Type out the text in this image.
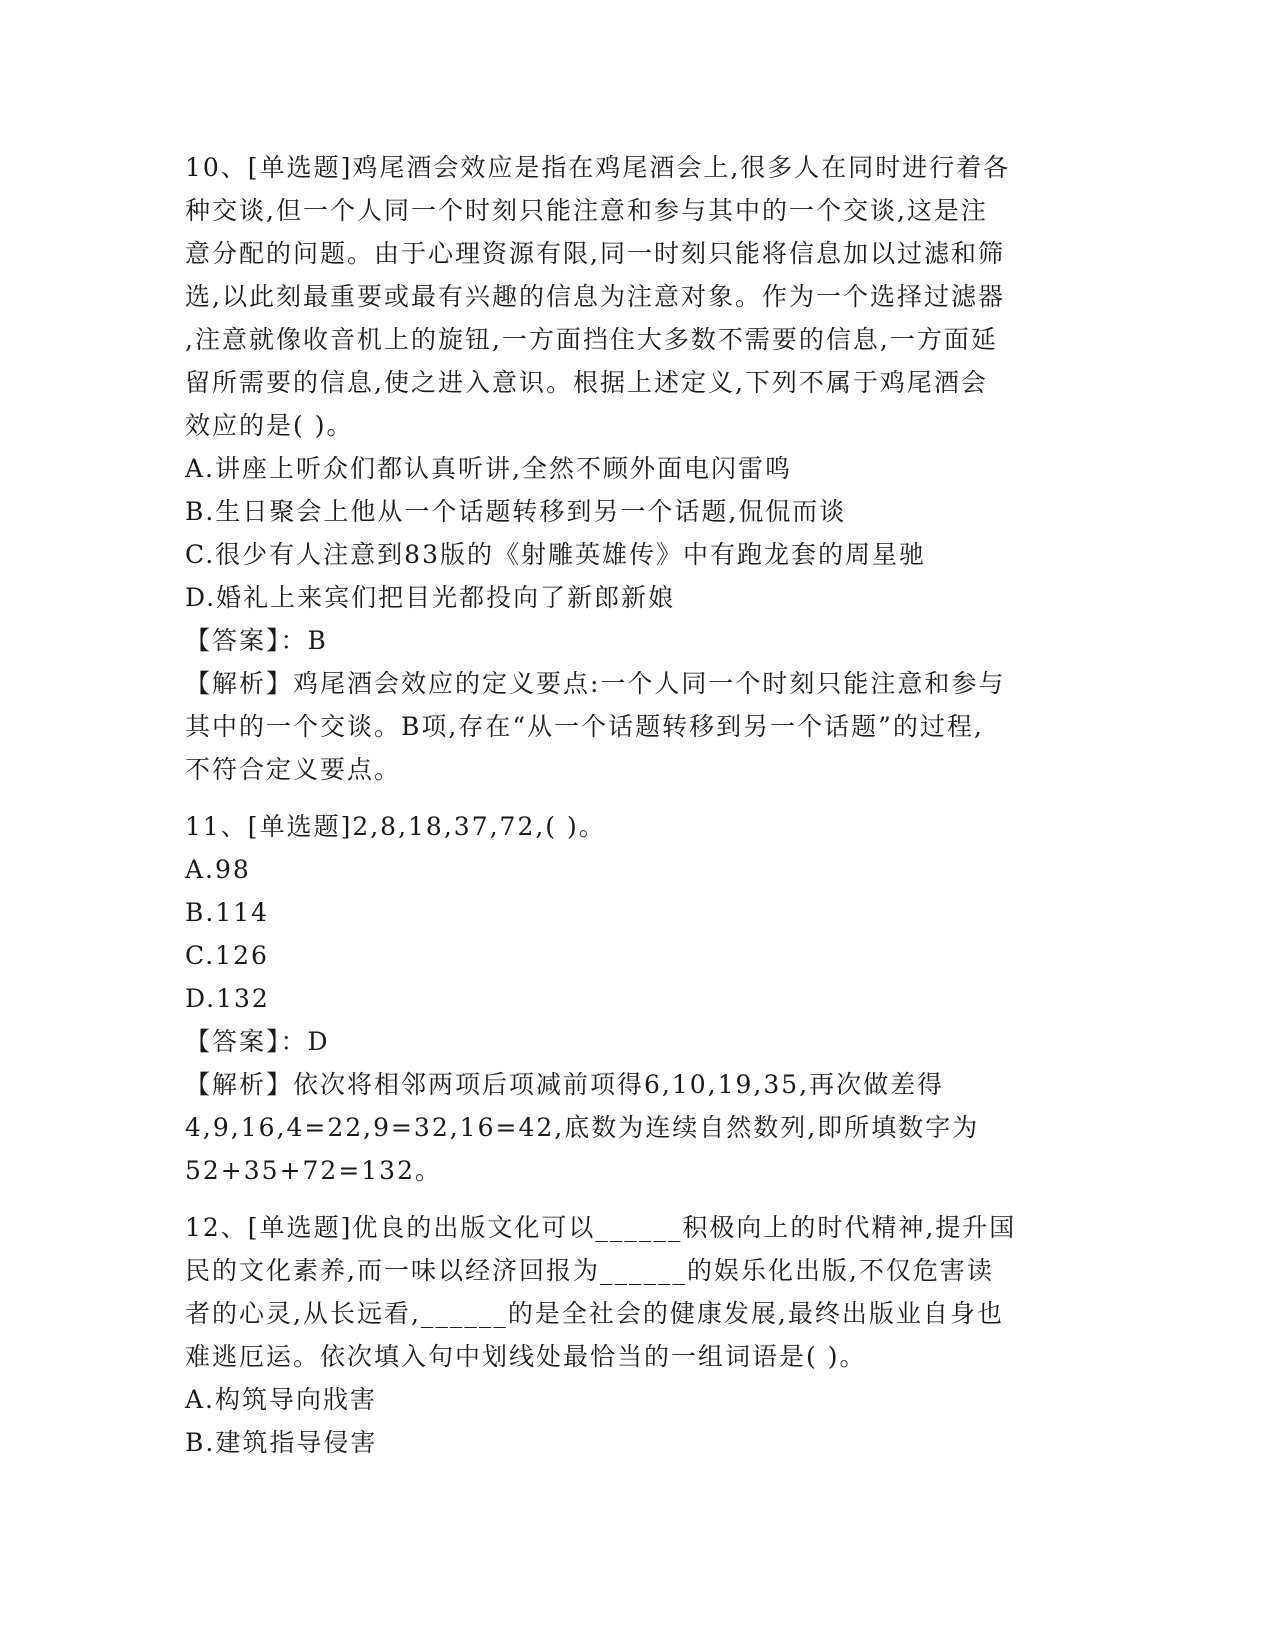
10、[单选题]鸡尾酒会效应是指在鸡尾酒会上,很多人在同时进行着各
种交谈,但一个人同一个时刻只能注意和参与其中的一个交谈,这是注
意分配的问题。由于心理资源有限,同一时刻只能将信息加以过滤和筛
选,以此刻最重要或最有兴趣的信息为注意对象。作为一个选择过滤器
,注意就像收音机上的旋钮,一方面挡住大多数不需要的信息,一方面延
留所需要的信息,使之进入意识。根据上述定义,下列不属于鸡尾酒会
效应的是( )。
A.讲座上听众们都认真听讲,全然不顾外面电闪雷鸣
B.生日聚会上他从一个话题转移到另一个话题,侃侃而谈
C.很少有人注意到83版的《射雕英雄传》中有跑龙套的周星驰
D.婚礼上来宾们把目光都投向了新郎新娘
【答案】：B
【解析】鸡尾酒会效应的定义要点:一个人同一个时刻只能注意和参与
其中的一个交谈。B项,存在“从一个话题转移到另一个话题”的过程,
不符合定义要点。
11、[单选题]2,8,18,37,72,( )。
A.98
B.114
C.126
D.132
【答案】：D
【解析】依次将相邻两项后项减前项得6,10,19,35,再次做差得
4,9,16,4=22,9=32,16=42,底数为连续自然数列,即所填数字为
52+35+72=132。
12、[单选题]优良的出版文化可以______积极向上的时代精神,提升国
民的文化素养,而一味以经济回报为______的娱乐化出版,不仅危害读
者的心灵,从长远看,______的是全社会的健康发展,最终出版业自身也
难逃厄运。依次填入句中划线处最恰当的一组词语是( )。
A.构筑导向戕害
B.建筑指导侵害
